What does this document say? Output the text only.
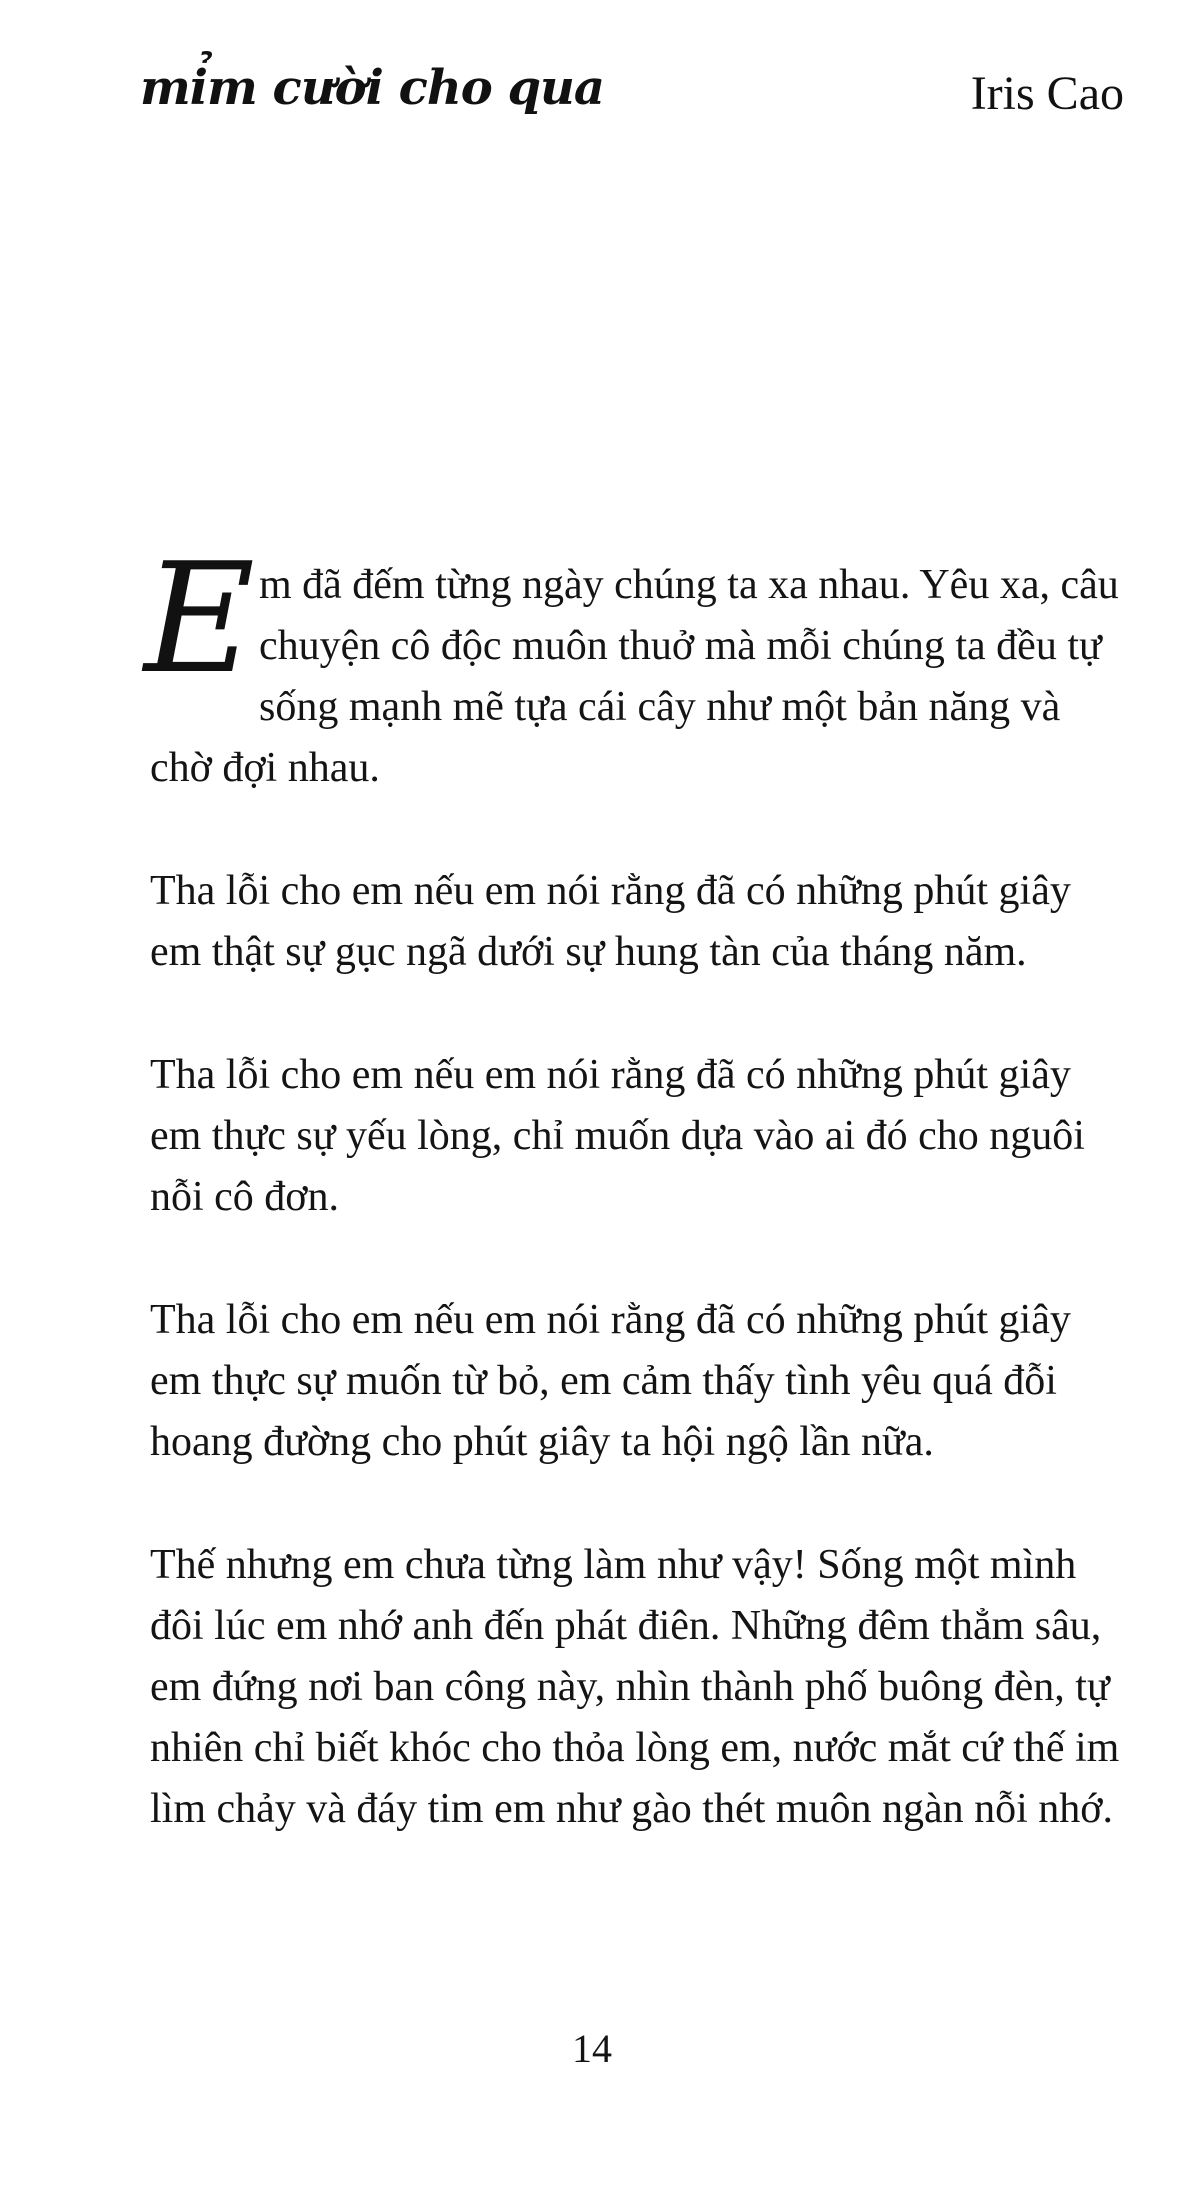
mỉm cười cho qua	Iris Cao

Em đã đếm từng ngày chúng ta xa nhau. Yêu xa, câu chuyện cô độc muôn thuở mà mỗi chúng ta đều tự sống mạnh mẽ tựa cái cây như một bản năng và chờ đợi nhau.

Tha lỗi cho em nếu em nói rằng đã có những phút giây em thật sự gục ngã dưới sự hung tàn của tháng năm.

Tha lỗi cho em nếu em nói rằng đã có những phút giây em thực sự yếu lòng, chỉ muốn dựa vào ai đó cho nguôi nỗi cô đơn.

Tha lỗi cho em nếu em nói rằng đã có những phút giây em thực sự muốn từ bỏ, em cảm thấy tình yêu quá đỗi hoang đường cho phút giây ta hội ngộ lần nữa.

Thế nhưng em chưa từng làm như vậy! Sống một mình đôi lúc em nhớ anh đến phát điên. Những đêm thẳm sâu, em đứng nơi ban công này, nhìn thành phố buông đèn, tự nhiên chỉ biết khóc cho thỏa lòng em, nước mắt cứ thế im lìm chảy và đáy tim em như gào thét muôn ngàn nỗi nhớ.

14
